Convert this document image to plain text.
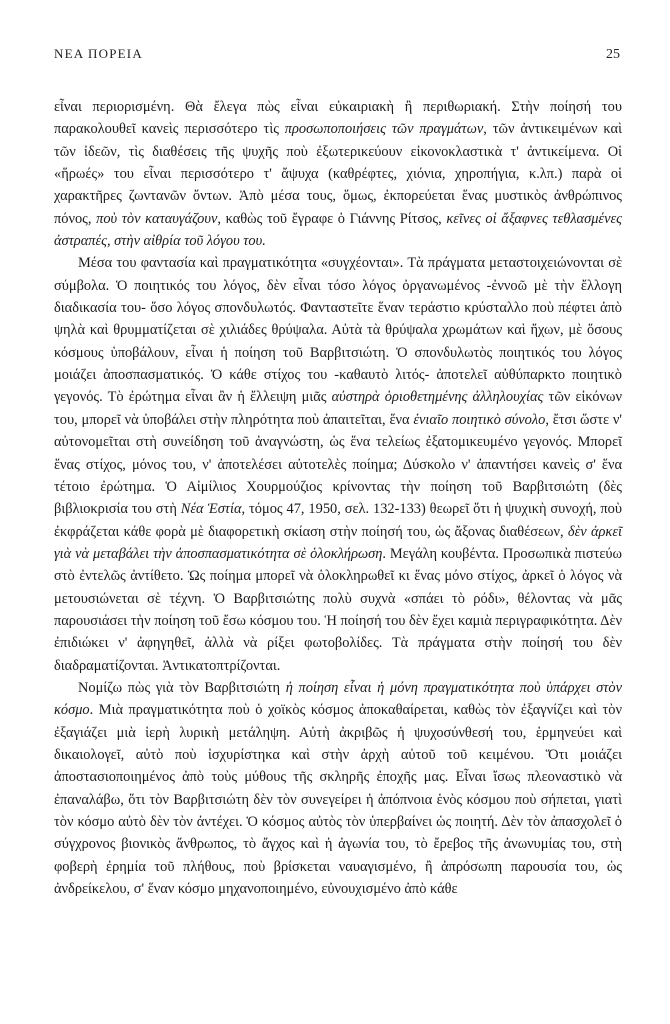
ΝΕΑ ΠΟΡΕΙΑ	25

εἶναι περιορισμένη. Θὰ ἔλεγα πὼς εἶναι εὐκαιριακὴ ἢ περιθωριακή. Στὴν ποίησή του παρακολουθεῖ κανεὶς περισσότερο τὶς προσωποποιήσεις τῶν πραγμάτων, τῶν ἀντικειμένων καὶ τῶν ἰδεῶν, τὶς διαθέσεις τῆς ψυχῆς ποὺ ἐξωτερικεύουν εἰκονοκλαστικὰ τ' ἀντικείμενα. Οἱ «ἥρωές» του εἶναι περισσότερο τ' ἄψυχα (καθρέφτες, χιόνια, χηροπήγια, κ.λπ.) παρὰ οἱ χαρακτῆρες ζωντανῶν ὄντων. Ἀπὸ μέσα τους, ὅμως, ἐκπορεύεται ἕνας μυστικὸς ἀνθρώπινος πόνος, ποὺ τὸν καταυγάζουν, καθὼς τοῦ ἔγραφε ὁ Γιάννης Ρίτσος, κεῖνες οἱ ἄξαφνες τεθλασμένες ἀστραπές, στὴν αἰθρία τοῦ λόγου του.

Μέσα του φαντασία καὶ πραγματικότητα «συγχέονται». Τὰ πράγματα μεταστοιχειώνονται σὲ σύμβολα. Ὁ ποιητικός του λόγος, δὲν εἶναι τόσο λόγος ὀργανωμένος -ἐννοῶ μὲ τὴν ἔλλογη διαδικασία του- ὅσο λόγος σπονδυλωτός. Φανταστεῖτε ἕναν τεράστιο κρύσταλλο ποὺ πέφτει ἀπὸ ψηλὰ καὶ θρυμματίζεται σὲ χιλιάδες θρύψαλα. Αὐτὰ τὰ θρύψαλα χρωμάτων καὶ ἤχων, μὲ ὅσους κόσμους ὑποβάλουν, εἶναι ἡ ποίηση τοῦ Βαρβιτσιώτη. Ὁ σπονδυλωτὸς ποιητικός του λόγος μοιάζει ἀποσπασματικός. Ὁ κάθε στίχος του -καθαυτὸ λιτός- ἀποτελεῖ αὐθύπαρκτο ποιητικὸ γεγονός. Τὸ ἐρώτημα εἶναι ἂν ἡ ἔλλειψη μιᾶς αὐστηρὰ ὁριοθετημένης ἀλληλουχίας τῶν εἰκόνων του, μπορεῖ νὰ ὑποβάλει στὴν πληρότητα ποὺ ἀπαιτεῖται, ἕνα ἑνιαῖο ποιητικὸ σύνολο, ἔτσι ὥστε ν' αὐτονομεῖται στὴ συνείδηση τοῦ ἀναγνώστη, ὡς ἕνα τελείως ἐξατομικευμένο γεγονός. Μπορεῖ ἕνας στίχος, μόνος του, ν' ἀποτελέσει αὐτοτελὲς ποίημα; Δύσκολο ν' ἀπαντήσει κανεὶς σ' ἕνα τέτοιο ἐρώτημα. Ὁ Αἰμίλιος Χουρμούζιος κρίνοντας τὴν ποίηση τοῦ Βαρβιτσιώτη (δὲς βιβλιοκρισία του στὴ Νέα Ἑστία, τόμος 47, 1950, σελ. 132-133) θεωρεῖ ὅτι ἡ ψυχικὴ συνοχή, ποὺ ἐκφράζεται κάθε φορὰ μὲ διαφορετικὴ σκίαση στὴν ποίησή του, ὡς ἄξονας διαθέσεων, δὲν ἀρκεῖ γιὰ νὰ μεταβάλει τὴν ἀποσπασματικότητα σὲ ὁλοκλήρωση. Μεγάλη κουβέντα. Προσωπικὰ πιστεύω στὸ ἐντελῶς ἀντίθετο. Ὡς ποίημα μπορεῖ νὰ ὁλοκληρωθεῖ κι ἕνας μόνο στίχος, ἀρκεῖ ὁ λόγος νὰ μετουσιώνεται σὲ τέχνη. Ὁ Βαρβιτσιώτης πολὺ συχνὰ «σπάει τὸ ρόδι», θέλοντας νὰ μᾶς παρουσιάσει τὴν ποίηση τοῦ ἔσω κόσμου του. Ἡ ποίησή του δὲν ἔχει καμιὰ περιγραφικότητα. Δὲν ἐπιδιώκει ν' ἀφηγηθεῖ, ἀλλὰ νὰ ρίξει φωτοβολίδες. Τὰ πράγματα στὴν ποίησή του δὲν διαδραματίζονται. Ἀντικατοπτρίζονται.

Νομίζω πὼς γιὰ τὸν Βαρβιτσιώτη ἡ ποίηση εἶναι ἡ μόνη πραγματικότητα ποὺ ὑπάρχει στὸν κόσμο. Μιὰ πραγματικότητα ποὺ ὁ χοϊκὸς κόσμος ἀποκαθαίρεται, καθὼς τὸν ἐξαγνίζει καὶ τὸν ἐξαγιάζει μιὰ ἱερὴ λυρικὴ μετάληψη. Αὐτὴ ἀκριβῶς ἡ ψυχοσύνθεσή του, ἑρμηνεύει καὶ δικαιολογεῖ, αὐτὸ ποὺ ἰσχυρίστηκα καὶ στὴν ἀρχὴ αὐτοῦ τοῦ κειμένου. Ὅτι μοιάζει ἀποστασιοποιημένος ἀπὸ τοὺς μύθους τῆς σκληρῆς ἐποχῆς μας. Εἶναι ἴσως πλεοναστικὸ νὰ ἐπαναλάβω, ὅτι τὸν Βαρβιτσιώτη δὲν τὸν συνεγείρει ἡ ἀπόπνοια ἑνὸς κόσμου ποὺ σήπεται, γιατὶ τὸν κόσμο αὐτὸ δὲν τὸν ἀντέχει. Ὁ κόσμος αὐτὸς τὸν ὑπερβαίνει ὡς ποιητή. Δὲν τὸν ἀπασχολεῖ ὁ σύγχρονος βιονικὸς ἄνθρωπος, τὸ ἄγχος καὶ ἡ ἀγωνία του, τὸ ἔρεβος τῆς ἀνωνυμίας του, στὴ φοβερὴ ἐρημία τοῦ πλήθους, ποὺ βρίσκεται ναυαγισμένο, ἢ ἀπρόσωπη παρουσία του, ὡς ἀνδρείκελου, σ' ἕναν κόσμο μηχανοποιημένο, εὐνουχισμένο ἀπὸ κάθε
